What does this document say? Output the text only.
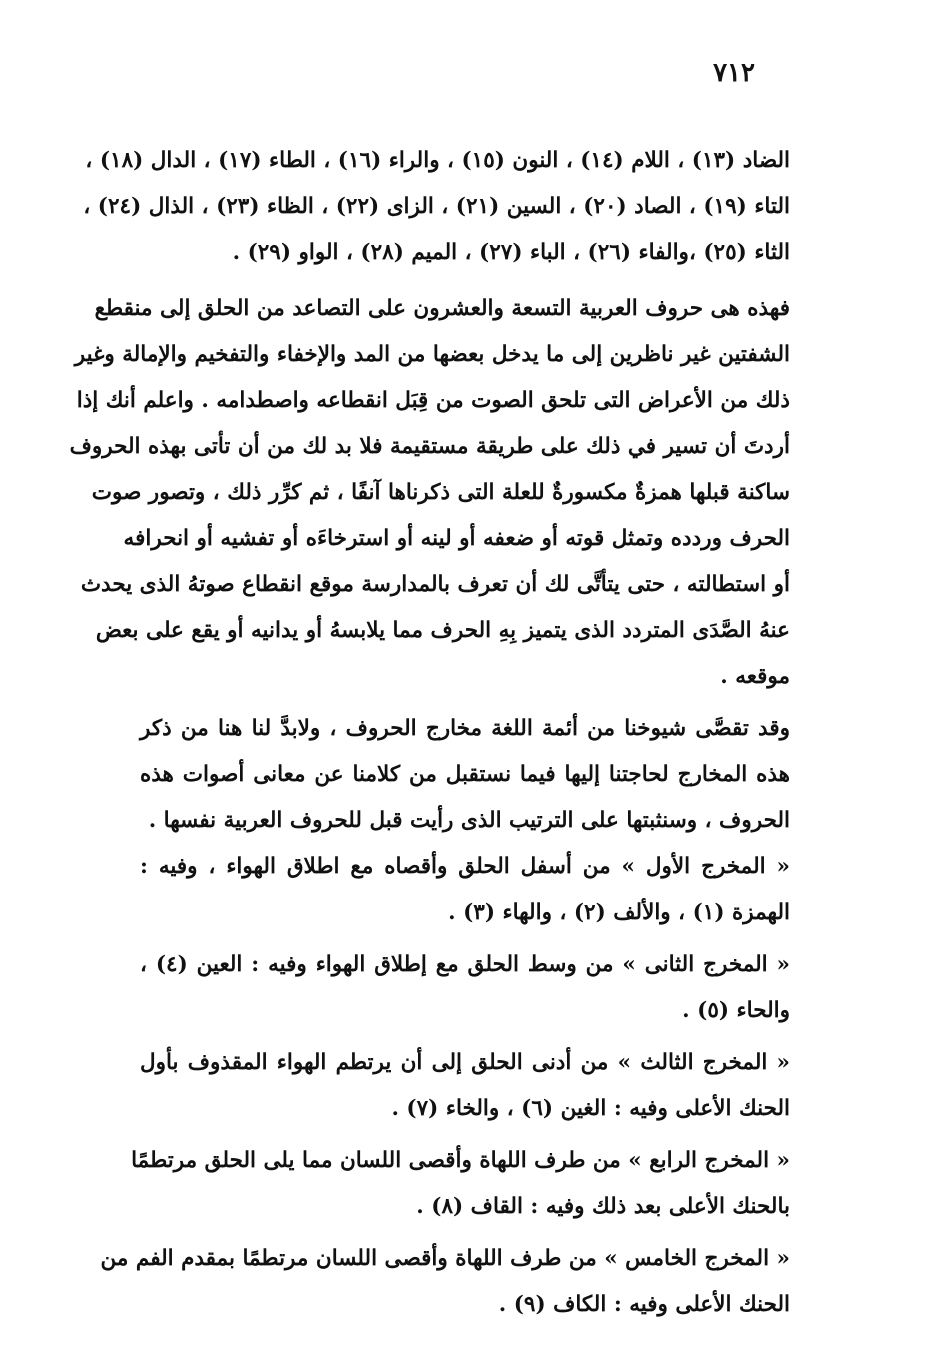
٧١٢
الضاد (١٣) ، اللام (١٤) ، النون (١٥) ، والراء (١٦) ، الطاء (١٧) ، الدال (١٨) ،
التاء (١٩) ، الصاد (٢٠) ، السين (٢١) ، الزاى (٢٢) ، الظاء (٢٣) ، الذال (٢٤) ،
الثاء (٢٥) ،والفاء (٢٦) ، الباء (٢٧) ، الميم (٢٨) ، الواو (٢٩) .
فهذه هى حروف العربية التسعة والعشرون على التصاعد من الحلق إلى منقطع
الشفتين غير ناظرين إلى ما يدخل بعضها من المد والإخفاء والتفخيم والإمالة وغير
ذلك من الأعراض التى تلحق الصوت من قِبَل انقطاعه واصطدامه . واعلم أنك إذا
أردتَ أن تسير في ذلك على طريقة مستقيمة فلا بد لك من أن تأتى بهذه الحروف
ساكنة قبلها همزةٌ مكسورةٌ للعلة التى ذكرناها آنفًا ، ثم كرِّر ذلك ، وتصور صوت
الحرف وردده وتمثل قوته أو ضعفه أو لينه أو استرخاءَه أو تفشيه أو انحرافه
أو استطالته ، حتى يتأتَّى لك أن تعرف بالمدارسة موقع انقطاع صوتهُ الذى يحدث
عنهُ الصَّدَى المتردد الذى يتميز بِهِ الحرف مما يلابسهُ أو يدانيه أو يقع على بعض
موقعه .
وقد تقصَّى شيوخنا من أئمة اللغة مخارج الحروف ، ولابدَّ لنا هنا من ذكر
هذه المخارج لحاجتنا إليها فيما نستقبل من كلامنا عن معانى أصوات هذه
الحروف ، وسنثبتها على الترتيب الذى رأيت قبل للحروف العربية نفسها .
« المخرج الأول » من أسفل الحلق وأقصاه مع اطلاق الهواء ، وفيه :
الهمزة (١) ، والألف (٢) ، والهاء (٣) .
« المخرج الثانى » من وسط الحلق مع إطلاق الهواء وفيه : العين (٤) ،
والحاء (٥) .
« المخرج الثالث » من أدنى الحلق إلى أن يرتطم الهواء المقذوف بأول
الحنك الأعلى وفيه : الغين (٦) ، والخاء (٧) .
« المخرج الرابع » من طرف اللهاة وأقصى اللسان مما يلى الحلق مرتطمًا
بالحنك الأعلى بعد ذلك وفيه : القاف (٨) .
« المخرج الخامس » من طرف اللهاة وأقصى اللسان مرتطمًا بمقدم الفم من
الحنك الأعلى وفيه : الكاف (٩) .
